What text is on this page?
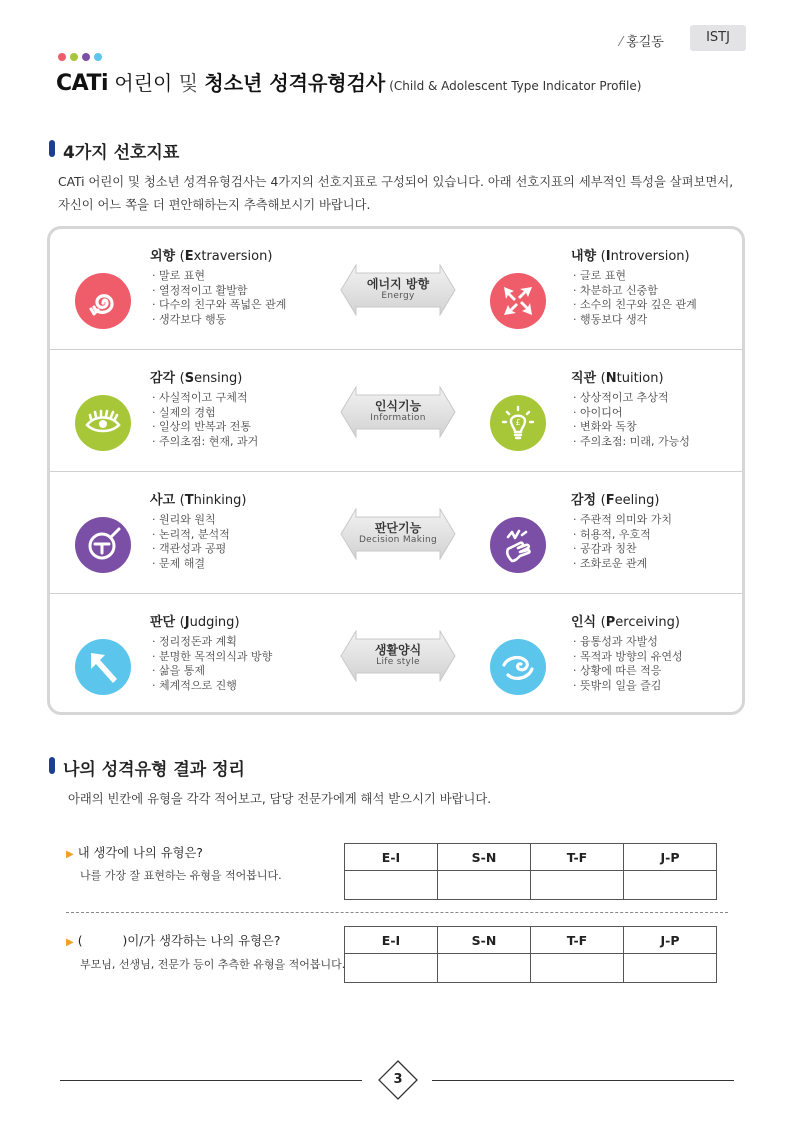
⁄ 홍길동	ISTJ
CATi 어린이 및 청소년 성격유형검사 (Child & Adolescent Type Indicator Profile)
4가지 선호지표
CATi 어린이 및 청소년 성격유형검사는 4가지의 선호지표로 구성되어 있습니다. 아래 선호지표의 세부적인 특성을 살펴보면서, 자신이 어느 쪽을 더 편안해하는지 추측해보시기 바랍니다.
외향 (Extraversion)
· 말로 표현
· 열정적이고 활발함
· 다수의 친구와 폭넓은 관계
· 생각보다 행동
내향 (Introversion)
· 글로 표현
· 차분하고 신중함
· 소수의 친구와 깊은 관계
· 행동보다 생각
에너지 방향
Energy
감각 (Sensing)
· 사실적이고 구체적
· 실제의 경험
· 일상의 반복과 전통
· 주의초점: 현재, 과거
£
직관 (Ntuition)
· 상상적이고 추상적
· 아이디어
· 변화와 독창
· 주의초점: 미래, 가능성
인식기능
Information
사고 (Thinking)
· 원리와 원칙
· 논리적, 분석적
· 객관성과 공평
· 문제 해결
감정 (Feeling)
· 주관적 의미와 가치
· 허용적, 우호적
· 공감과 칭찬
· 조화로운 관계
판단기능
Decision Making
판단 (Judging)
· 정리정돈과 계획
· 분명한 목적의식과 방향
· 삶을 통제
· 체계적으로 진행
인식 (Perceiving)
· 융통성과 자발성
· 목적과 방향의 유연성
· 상황에 따른 적응
· 뜻밖의 일을 즐김
생활양식
Life style
나의 성격유형 결과 정리
아래의 빈칸에 유형을 각각 적어보고, 담당 전문가에게 해석 받으시기 바랍니다.
▶ 내 생각에 나의 유형은?
나를 가장 잘 표현하는 유형을 적어봅니다.
E-I	S-N	T-F	J-P

▶ (	)이/가 생각하는 나의 유형은?
부모님, 선생님, 전문가 등이 추측한 유형을 적어봅니다.
E-I	S-N	T-F	J-P

3
